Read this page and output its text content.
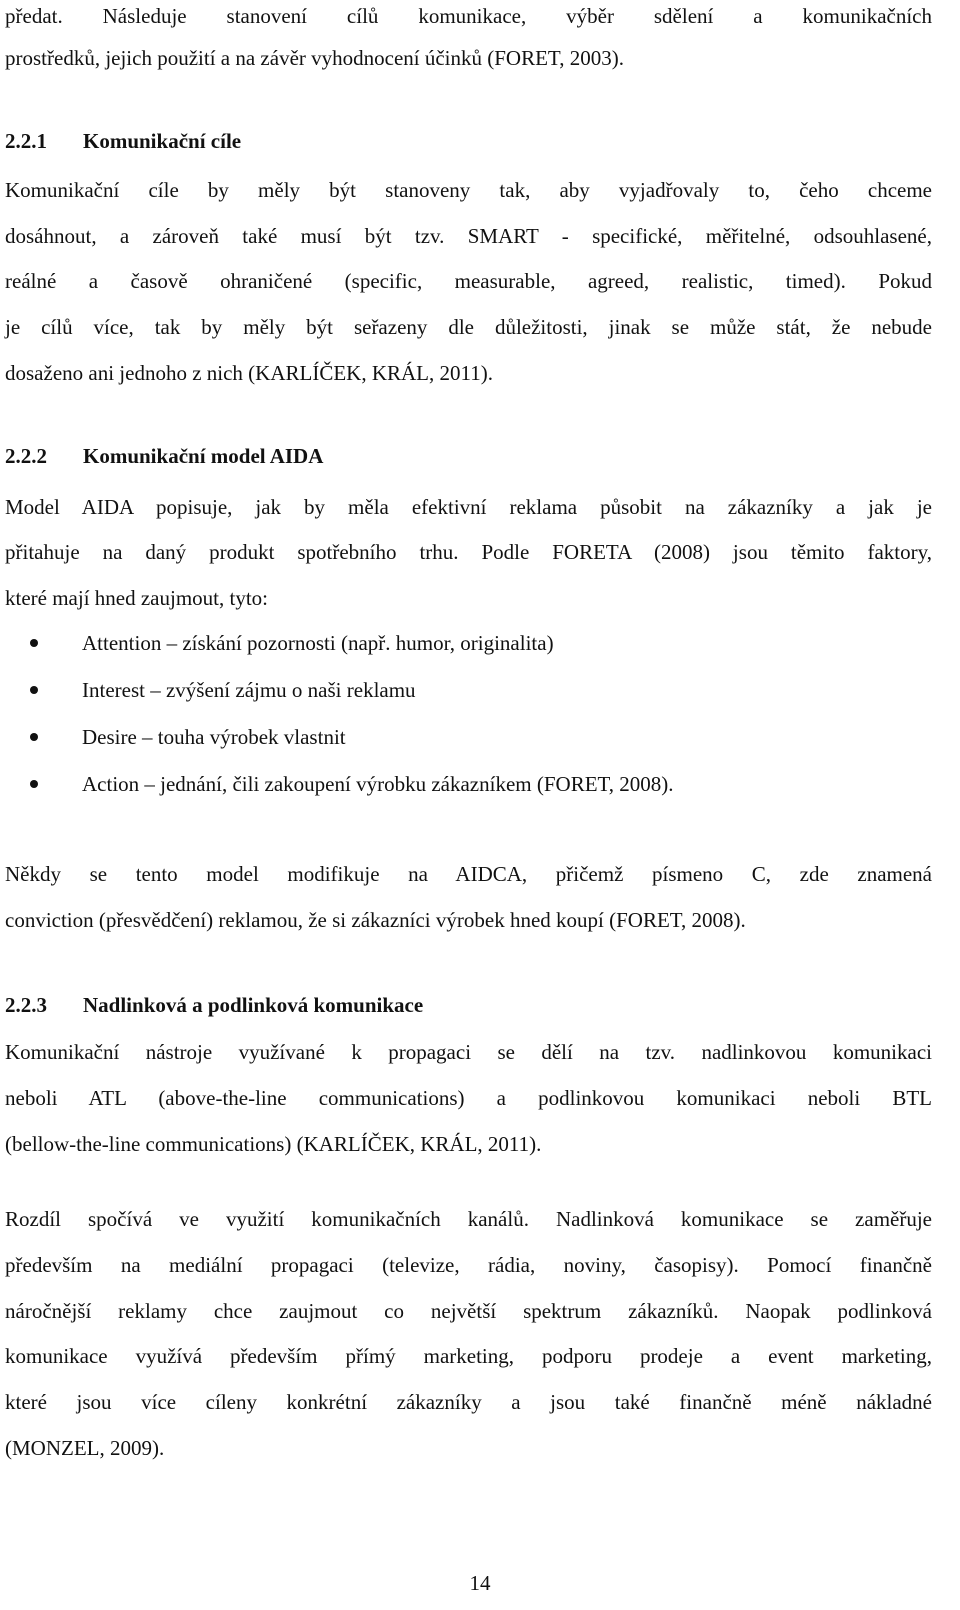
předat. Následuje stanovení cílů komunikace, výběr sdělení a komunikačních
prostředků, jejich použití a na závěr vyhodnocení účinků (FORET, 2003).
2.2.1 Komunikační cíle
Komunikační cíle by měly být stanoveny tak, aby vyjadřovaly to, čeho chceme
dosáhnout, a zároveň také musí být tzv. SMART - specifické, měřitelné, odsouhlasené,
reálné a časově ohraničené (specific, measurable, agreed, realistic, timed). Pokud
je cílů více, tak by měly být seřazeny dle důležitosti, jinak se může stát, že nebude
dosaženo ani jednoho z nich (KARLÍČEK, KRÁL, 2011).
2.2.2 Komunikační model AIDA
Model AIDA popisuje, jak by měla efektivní reklama působit na zákazníky a jak je
přitahuje na daný produkt spotřebního trhu. Podle FORETA (2008) jsou těmito faktory,
které mají hned zaujmout, tyto:
Attention – získání pozornosti (např. humor, originalita)
Interest – zvýšení zájmu o naši reklamu
Desire – touha výrobek vlastnit
Action – jednání, čili zakoupení výrobku zákazníkem (FORET, 2008).
Někdy se tento model modifikuje na AIDCA, přičemž písmeno C, zde znamená
conviction (přesvědčení) reklamou, že si zákazníci výrobek hned koupí (FORET, 2008).
2.2.3 Nadlinková a podlinková komunikace
Komunikační nástroje využívané k propagaci se dělí na tzv. nadlinkovou komunikaci
neboli ATL (above-the-line communications) a podlinkovou komunikaci neboli BTL
(bellow-the-line communications) (KARLÍČEK, KRÁL, 2011).
Rozdíl spočívá ve využití komunikačních kanálů. Nadlinková komunikace se zaměřuje
především na mediální propagaci (televize, rádia, noviny, časopisy). Pomocí finančně
náročnější reklamy chce zaujmout co největší spektrum zákazníků. Naopak podlinková
komunikace využívá především přímý marketing, podporu prodeje a event marketing,
které jsou více cíleny konkrétní zákazníky a jsou také finančně méně nákladné
(MONZEL, 2009).
14
